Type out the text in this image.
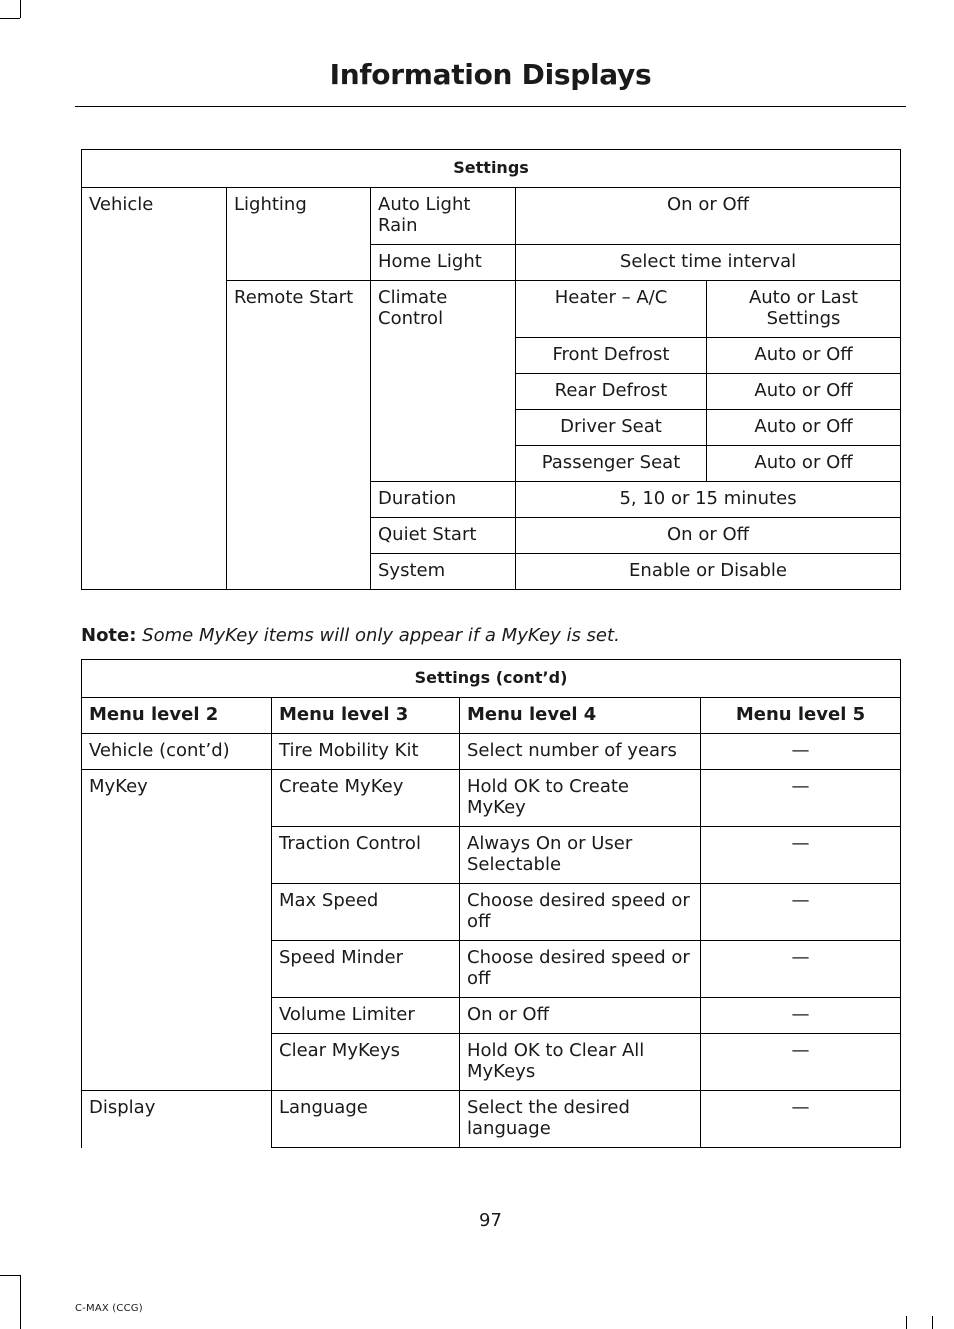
Information Displays
Settings				
Vehicle	Lighting	Auto Light Rain	On or Off	
		Home Light	Select time interval	
	Remote Start	Climate Control	Heater – A/C	Auto or Last Settings
			Front Defrost	Auto or Off
			Rear Defrost	Auto or Off
			Driver Seat	Auto or Off
			Passenger Seat	Auto or Off
		Duration	5, 10 or 15 minutes	
		Quiet Start	On or Off	
		System	Enable or Disable	

Note: Some MyKey items will only appear if a MyKey is set.

Settings (cont’d)			
Menu level 2	Menu level 3	Menu level 4	Menu level 5
Vehicle (cont’d)	Tire Mobility Kit	Select number of years	—
MyKey	Create MyKey	Hold OK to Create MyKey	—
	Traction Control	Always On or User Selectable	—
	Max Speed	Choose desired speed or off	—
	Speed Minder	Choose desired speed or off	—
	Volume Limiter	On or Off	—
	Clear MyKeys	Hold OK to Clear All MyKeys	—
Display	Language	Select the desired language	—
97
C-MAX (CCG)
